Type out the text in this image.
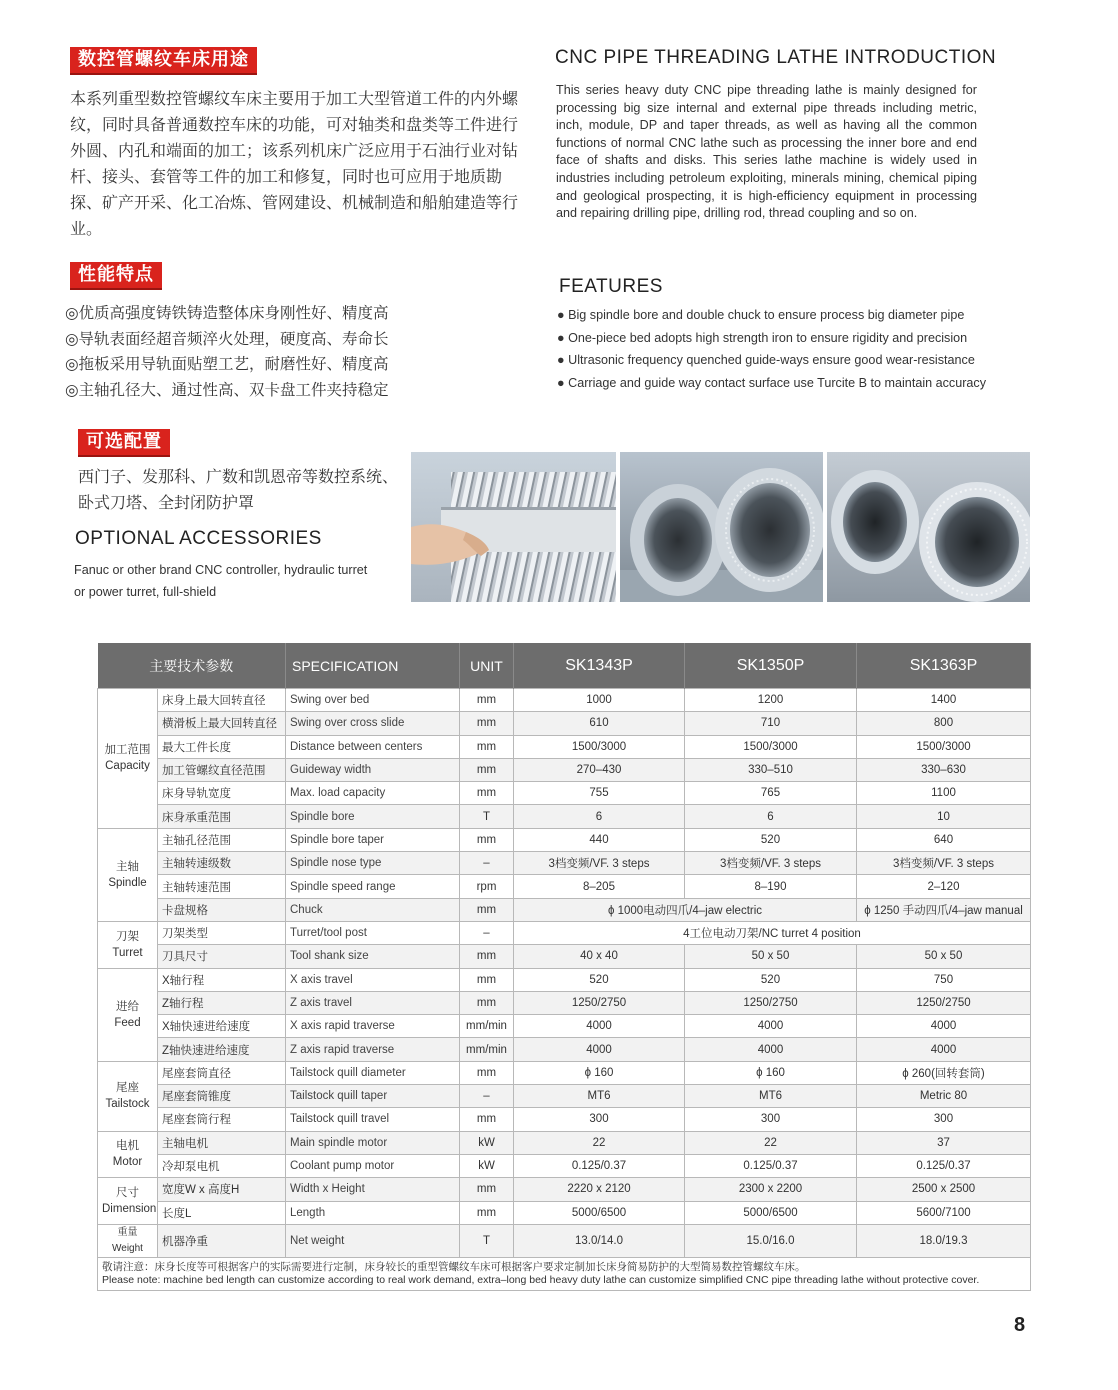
数控管螺纹车床用途
本系列重型数控管螺纹车床主要用于加工大型管道工件的内外螺纹，同时具备普通数控车床的功能，可对轴类和盘类等工件进行外圆、内孔和端面的加工；该系列机床广泛应用于石油行业对钻杆、接头、套管等工件的加工和修复，同时也可应用于地质勘探、矿产开采、化工冶炼、管网建设、机械制造和船舶建造等行业。
CNC PIPE THREADING LATHE INTRODUCTION
This series heavy duty CNC pipe threading lathe is mainly designed for processing big size internal and external pipe threads including metric, inch, module, DP and taper threads, as well as having all the common functions of normal CNC lathe such as processing the inner bore and end face of shafts and disks. This series lathe machine is widely used in industries including petroleum exploiting, minerals mining, chemical piping and geological prospecting, it is high-efficiency equipment in processing and repairing drilling pipe, drilling rod, thread coupling and so on.
性能特点
◎优质高强度铸铁铸造整体床身刚性好、精度高
◎导轨表面经超音频淬火处理，硬度高、寿命长
◎拖板采用导轨面贴塑工艺，耐磨性好、精度高
◎主轴孔径大、通过性高、双卡盘工件夹持稳定
FEATURES
● Big spindle bore and double chuck to ensure process big diameter pipe
● One-piece bed adopts high strength iron to ensure rigidity and precision
● Ultrasonic frequency quenched guide-ways ensure good wear-resistance
● Carriage and guide way contact surface use Turcite B to maintain accuracy
可选配置
西门子、发那科、广数和凯恩帝等数控系统、
卧式刀塔、全封闭防护罩
OPTIONAL ACCESSORIES
Fanuc or other brand CNC controller, hydraulic turret
or power turret, full-shield
主要技术参数		SPECIFICATION	UNIT	SK1343P	SK1350P	SK1363P
加工范围
Capacity	床身上最大回转直径	Swing over bed	mm	1000	1200	1400
	横滑板上最大回转直径	Swing over cross slide	mm	610	710	800
	最大工件长度	Distance between centers	mm	1500/3000	1500/3000	1500/3000
	加工管螺纹直径范围	Guideway width	mm	270–430	330–510	330–630
	床身导轨宽度	Max. load capacity	mm	755	765	1100
	床身承重范围	Spindle bore	T	6	6	10
主轴
Spindle	主轴孔径范围	Spindle bore taper	mm	440	520	640
	主轴转速级数	Spindle nose type	–	3档变频/VF. 3 steps	3档变频/VF. 3 steps	3档变频/VF. 3 steps
	主轴转速范围	Spindle speed range	rpm	8–205	8–190	2–120
	卡盘规格	Chuck	mm	ϕ 1000电动四爪/4–jaw electric		ϕ 1250 手动四爪/4–jaw manual
刀架
Turret	刀架类型	Turret/tool post	–	4工位电动刀架/NC turret 4 position		
	刀具尺寸	Tool shank size	mm	40 x 40	50 x 50	50 x 50
进给
Feed	X轴行程	X axis travel	mm	520	520	750
	Z轴行程	Z axis travel	mm	1250/2750	1250/2750	1250/2750
	X轴快速进给速度	X axis rapid traverse	mm/min	4000	4000	4000
	Z轴快速进给速度	Z axis rapid traverse	mm/min	4000	4000	4000
尾座
Tailstock	尾座套筒直径	Tailstock quill diameter	mm	ϕ 160	ϕ 160	ϕ 260(回转套筒)
	尾座套筒锥度	Tailstock quill taper	–	MT6	MT6	Metric 80
	尾座套筒行程	Tailstock quill travel	mm	300	300	300
电机
Motor	主轴电机	Main spindle motor	kW	22	22	37
	冷却泵电机	Coolant pump motor	kW	0.125/0.37	0.125/0.37	0.125/0.37
尺寸
Dimension	宽度W x 高度H	Width x Height	mm	2220 x 2120	2300 x 2200	2500 x 2500
	长度L	Length	mm	5000/6500	5000/6500	5600/7100
重量 Weight	机器净重	Net weight	T	13.0/14.0	15.0/16.0	18.0/19.3

敬请注意：床身长度等可根据客户的实际需要进行定制，床身较长的重型管螺纹车床可根据客户要求定制加长床身简易防护的大型简易数控管螺纹车床。
Please note: machine bed length can customize according to real work demand, extra–long bed heavy duty lathe can customize simplified CNC pipe threading lathe without protective cover.						
8
